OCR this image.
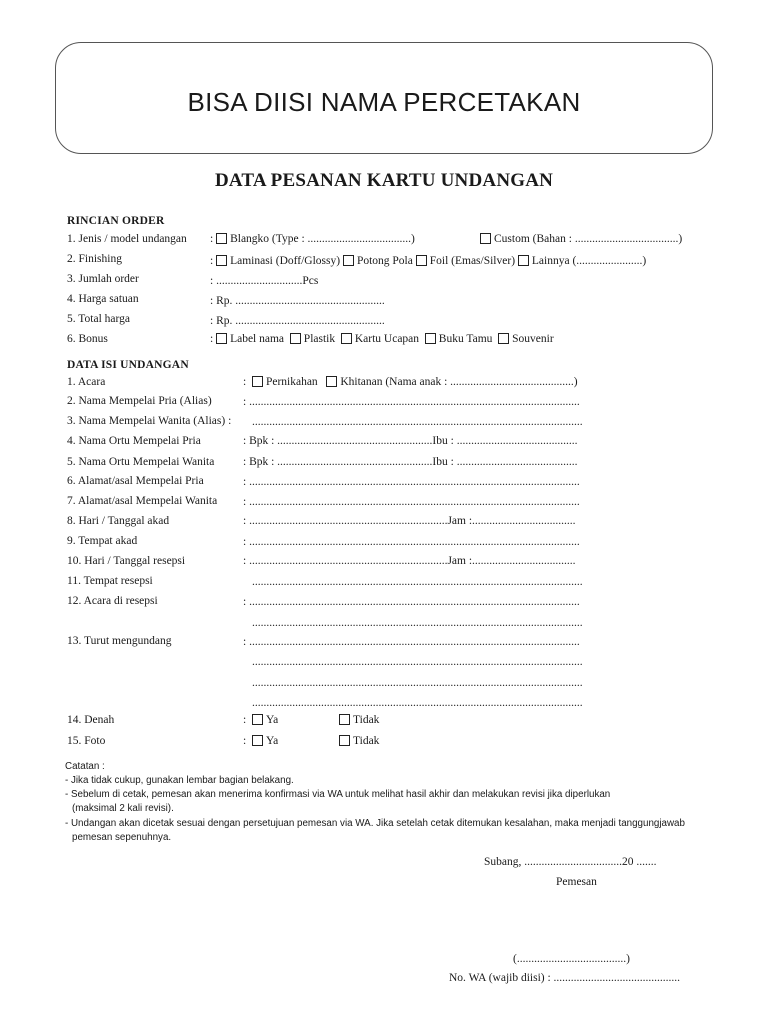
BISA DIISI NAMA PERCETAKAN
DATA PESANAN KARTU UNDANGAN
RINCIAN ORDER
1. Jenis / model undangan : Blangko (Type : ....................................)	Custom (Bahan : ....................................)
2. Finishing	: Laminasi (Doff/Glossy) Potong Pola Foil (Emas/Silver) Lainnya (.......................)
3. Jumlah order	: ..............................Pcs
4. Harga satuan	: Rp. ....................................................
5. Total harga	: Rp. ....................................................
6. Bonus	: Label nama Plastik Kartu Ucapan Buku Tamu Souvenir
DATA ISI UNDANGAN
1. Acara	: Pernikahan Khitanan (Nama anak : ...........................................)
2. Nama Mempelai Pria (Alias)	: ...................................................................................................................
3. Nama Mempelai Wanita (Alias) : ...................................................................................................................
4. Nama Ortu Mempelai Pria	: Bpk : ......................................................Ibu : ..........................................
5. Nama Ortu Mempelai Wanita : Bpk : ......................................................Ibu : ..........................................
6. Alamat/asal Mempelai Pria	: ...................................................................................................................
7. Alamat/asal Mempelai Wanita : ...................................................................................................................
8. Hari / Tanggal akad	: .....................................................................Jam :....................................
9. Tempat akad	: ...................................................................................................................
10. Hari / Tanggal resepsi	: .....................................................................Jam :....................................
11. Tempat resepsi	...................................................................................................................
12. Acara di resepsi	: ...................................................................................................................
...................................................................................................................
13. Turut mengundang	: ...................................................................................................................
...................................................................................................................
...................................................................................................................
...................................................................................................................
14. Denah	: Ya	Tidak
15. Foto	: Ya	Tidak
Catatan :
- Jika tidak cukup, gunakan lembar bagian belakang.
- Sebelum di cetak, pemesan akan menerima konfirmasi via WA untuk melihat hasil akhir dan melakukan revisi jika diperlukan
(maksimal 2 kali revisi).
- Undangan akan dicetak sesuai dengan persetujuan pemesan via WA. Jika setelah cetak ditemukan kesalahan, maka menjadi tanggungjawab
pemesan sepenuhnya.
Subang, ..................................20 .......
Pemesan
(......................................)
No. WA (wajib diisi) : ............................................
